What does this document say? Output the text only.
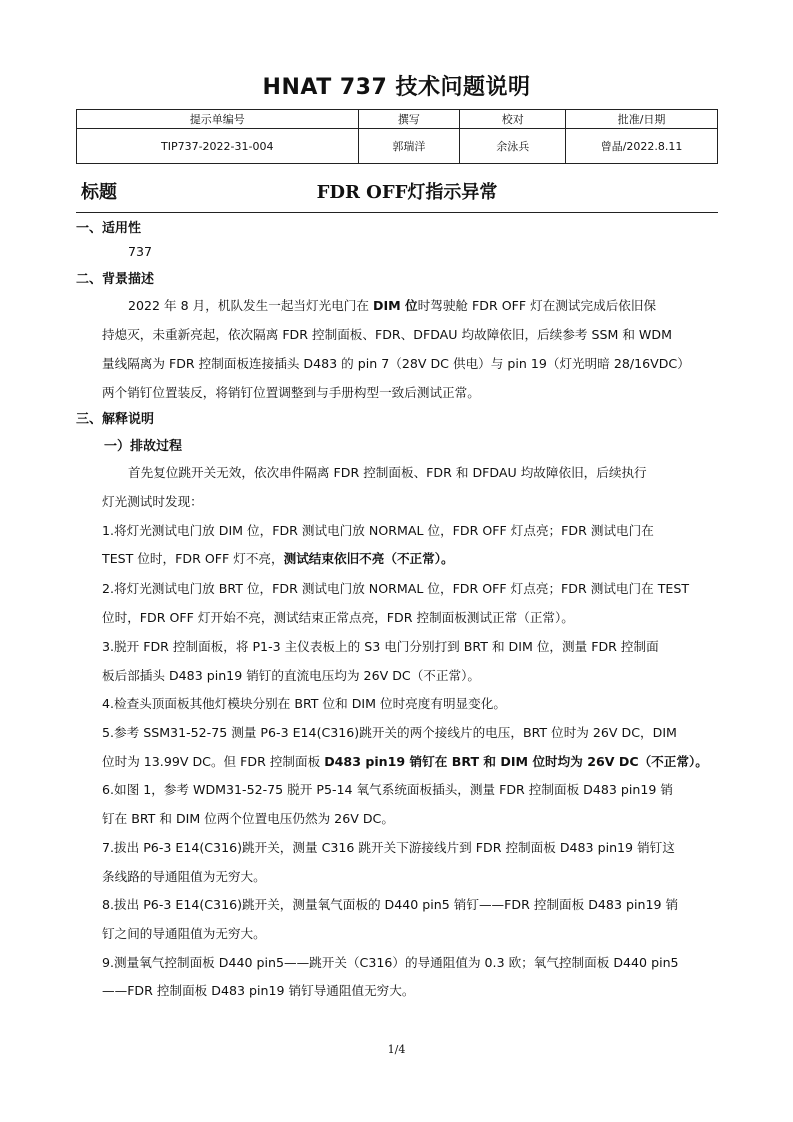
HNAT 737 技术问题说明
提示单编号	撰写	校对	批准/日期
TIP737-2022-31-004	郭瑞洋	余泳兵	曾晶/2022.8.11
FDR OFF灯指示异常
标题
一、适用性
737
二、背景描述
2022 年 8 月，机队发生一起当灯光电门在 DIM 位时驾驶舱 FDR OFF 灯在测试完成后依旧保
持熄灭，未重新亮起，依次隔离 FDR 控制面板、FDR、DFDAU 均故障依旧，后续参考 SSM 和 WDM
量线隔离为 FDR 控制面板连接插头 D483 的 pin 7（28V DC 供电）与 pin 19（灯光明暗 28/16VDC）
两个销钉位置装反，将销钉位置调整到与手册构型一致后测试正常。
三、解释说明
一）排故过程
首先复位跳开关无效，依次串件隔离 FDR 控制面板、FDR 和 DFDAU 均故障依旧，后续执行
灯光测试时发现：
1.将灯光测试电门放 DIM 位，FDR 测试电门放 NORMAL 位，FDR OFF 灯点亮；FDR 测试电门在
TEST 位时，FDR OFF 灯不亮，测试结束依旧不亮（不正常）。
2.将灯光测试电门放 BRT 位，FDR 测试电门放 NORMAL 位，FDR OFF 灯点亮；FDR 测试电门在 TEST
位时，FDR OFF 灯开始不亮，测试结束正常点亮，FDR 控制面板测试正常（正常）。
3.脱开 FDR 控制面板，将 P1-3 主仪表板上的 S3 电门分别打到 BRT 和 DIM 位，测量 FDR 控制面
板后部插头 D483 pin19 销钉的直流电压均为 26V DC（不正常）。
4.检查头顶面板其他灯模块分别在 BRT 位和 DIM 位时亮度有明显变化。
5.参考 SSM31-52-75 测量 P6-3 E14(C316)跳开关的两个接线片的电压，BRT 位时为 26V DC，DIM
位时为 13.99V DC。但 FDR 控制面板 D483 pin19 销钉在 BRT 和 DIM 位时均为 26V DC（不正常）。
6.如图 1，参考 WDM31-52-75 脱开 P5-14 氧气系统面板插头，测量 FDR 控制面板 D483 pin19 销
钉在 BRT 和 DIM 位两个位置电压仍然为 26V DC。
7.拔出 P6-3 E14(C316)跳开关，测量 C316 跳开关下游接线片到 FDR 控制面板 D483 pin19 销钉这
条线路的导通阻值为无穷大。
8.拔出 P6-3 E14(C316)跳开关，测量氧气面板的 D440 pin5 销钉——FDR 控制面板 D483 pin19 销
钉之间的导通阻值为无穷大。
9.测量氧气控制面板 D440 pin5——跳开关（C316）的导通阻值为 0.3 欧；氧气控制面板 D440 pin5
——FDR 控制面板 D483 pin19 销钉导通阻值无穷大。
1/4
